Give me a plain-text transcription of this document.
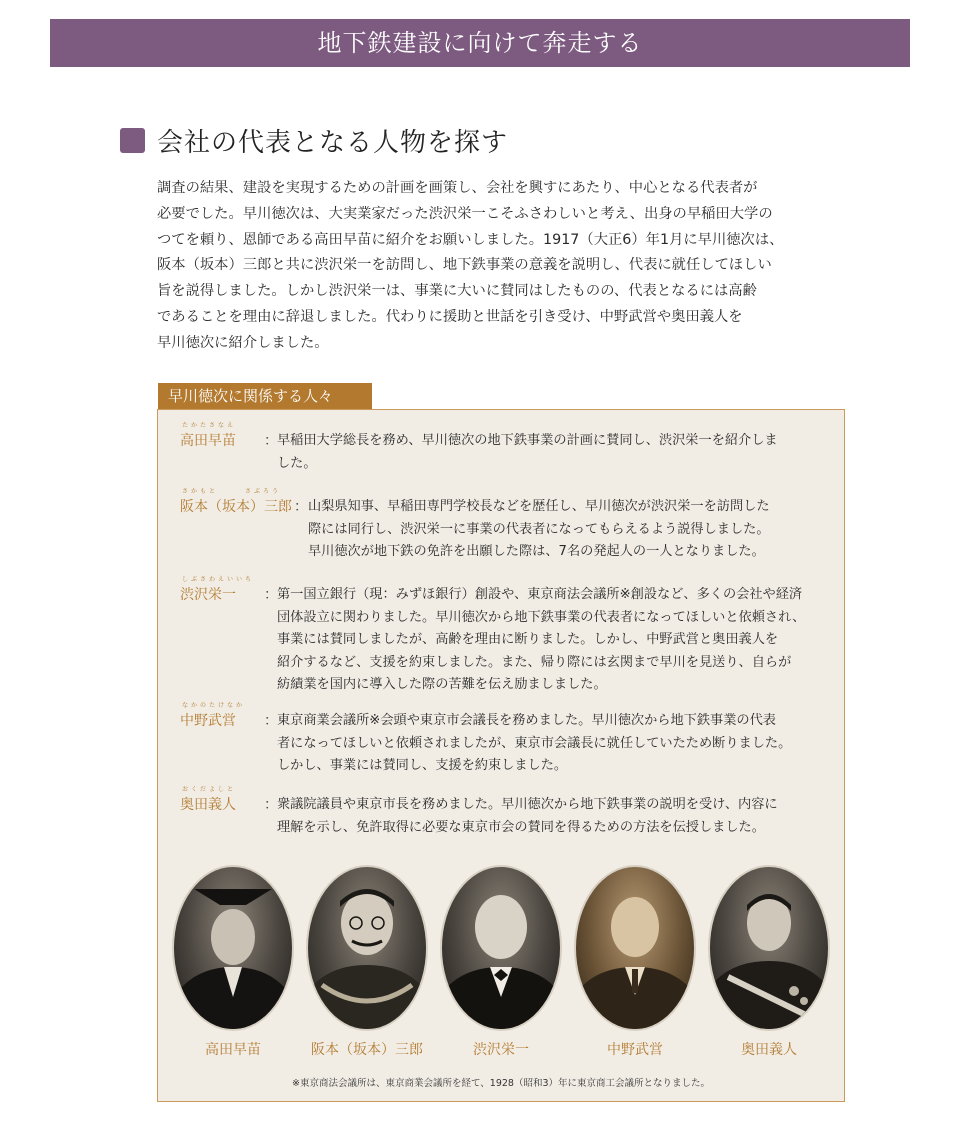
地下鉄建設に向けて奔走する
会社の代表となる人物を探す

調査の結果、建設を実現するための計画を画策し、会社を興すにあたり、中心となる代表者が
必要でした。早川徳次は、大実業家だった渋沢栄一こそふさわしいと考え、出身の早稲田大学の
つてを頼り、恩師である高田早苗に紹介をお願いしました。1917（大正6）年1月に早川徳次は、
阪本（坂本）三郎と共に渋沢栄一を訪問し、地下鉄事業の意義を説明し、代表に就任してほしい
旨を説得しました。しかし渋沢栄一は、事業に大いに賛同はしたものの、代表となるには高齢
であることを理由に辞退しました。代わりに援助と世話を引き受け、中野武営や奥田義人を
早川徳次に紹介しました。

早川徳次に関係する人々
たかたさなえ
高田早苗 ： 早稲田大学総長を務め、早川徳次の地下鉄事業の計画に賛同し、渋沢栄一を紹介しま
した。

さかもと　　　さぶろう
阪本（坂本）三郎 ： 山梨県知事、早稲田専門学校長などを歴任し、早川徳次が渋沢栄一を訪問した
際には同行し、渋沢栄一に事業の代表者になってもらえるよう説得しました。
早川徳次が地下鉄の免許を出願した際は、7名の発起人の一人となりました。

しぶさわえいいち
渋沢栄一 ： 第一国立銀行（現：みずほ銀行）創設や、東京商法会議所※創設など、多くの会社や経済
団体設立に関わりました。早川徳次から地下鉄事業の代表者になってほしいと依頼され、
事業には賛同しましたが、高齢を理由に断りました。しかし、中野武営と奥田義人を
紹介するなど、支援を約束しました。また、帰り際には玄関まで早川を見送り、自らが
紡績業を国内に導入した際の苦難を伝え励ましました。

なかのたけなか
中野武営 ： 東京商業会議所※会頭や東京市会議長を務めました。早川徳次から地下鉄事業の代表
者になってほしいと依頼されましたが、東京市会議長に就任していたため断りました。
しかし、事業には賛同し、支援を約束しました。

おくだよしと
奥田義人 ： 衆議院議員や東京市長を務めました。早川徳次から地下鉄事業の説明を受け、内容に
理解を示し、免許取得に必要な東京市会の賛同を得るための方法を伝授しました。

高田早苗	阪本（坂本）三郎	渋沢栄一	中野武営	奥田義人
※東京商法会議所は、東京商業会議所を経て、1928（昭和3）年に東京商工会議所となりました。
